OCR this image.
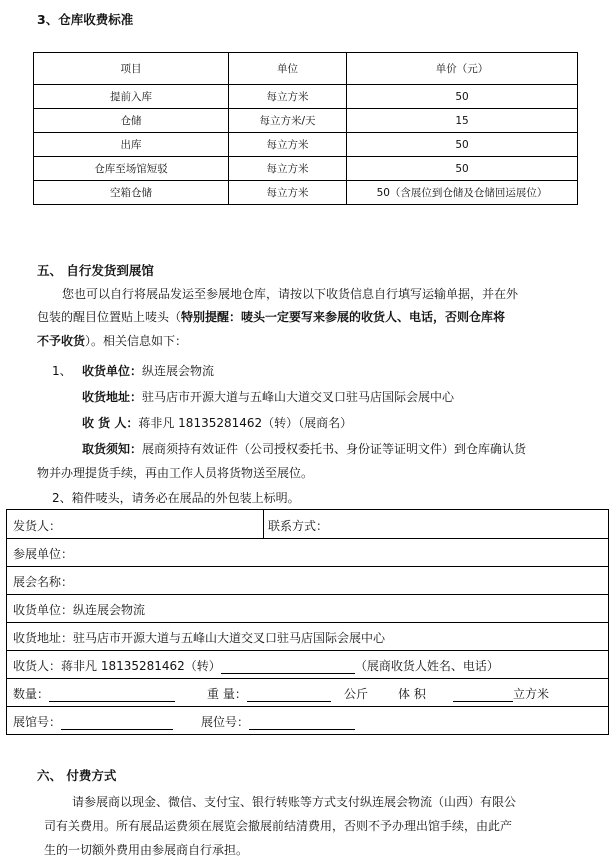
3、仓库收费标准
项目	单位	单价（元）
提前入库	每立方米	50
仓储	每立方米/天	15
出库	每立方米	50
仓库至场馆短驳	每立方米	50
空箱仓储	每立方米	50（含展位到仓储及仓储回运展位）
五、 自行发货到展馆
您也可以自行将展品发运至参展地仓库，请按以下收货信息自行填写运输单据，并在外
包装的醒目位置贴上唛头（特别提醒：唛头一定要写来参展的收货人、电话，否则仓库将
不予收货）。相关信息如下：
1、 收货单位：纵连展会物流
收货地址：驻马店市开源大道与五峰山大道交叉口驻马店国际会展中心
收 货 人：蒋非凡 18135281462（转）（展商名）
取货须知：展商须持有效证件（公司授权委托书、身份证等证明文件）到仓库确认货
物并办理提货手续，再由工作人员将货物送至展位。
2、箱件唛头，请务必在展品的外包装上标明。
发货人：	联系方式：
参展单位：
展会名称：
收货单位：纵连展会物流
收货地址：驻马店市开源大道与五峰山大道交叉口驻马店国际会展中心
收货人：蒋非凡 18135281462（转）	（展商收货人姓名、电话）
数量：	重 量：	公斤 体 积	立方米
展馆号：	展位号：
六、 付费方式
请参展商以现金、微信、支付宝、银行转账等方式支付纵连展会物流（山西）有限公
司有关费用。所有展品运费须在展览会撤展前结清费用，否则不予办理出馆手续，由此产
生的一切额外费用由参展商自行承担。
